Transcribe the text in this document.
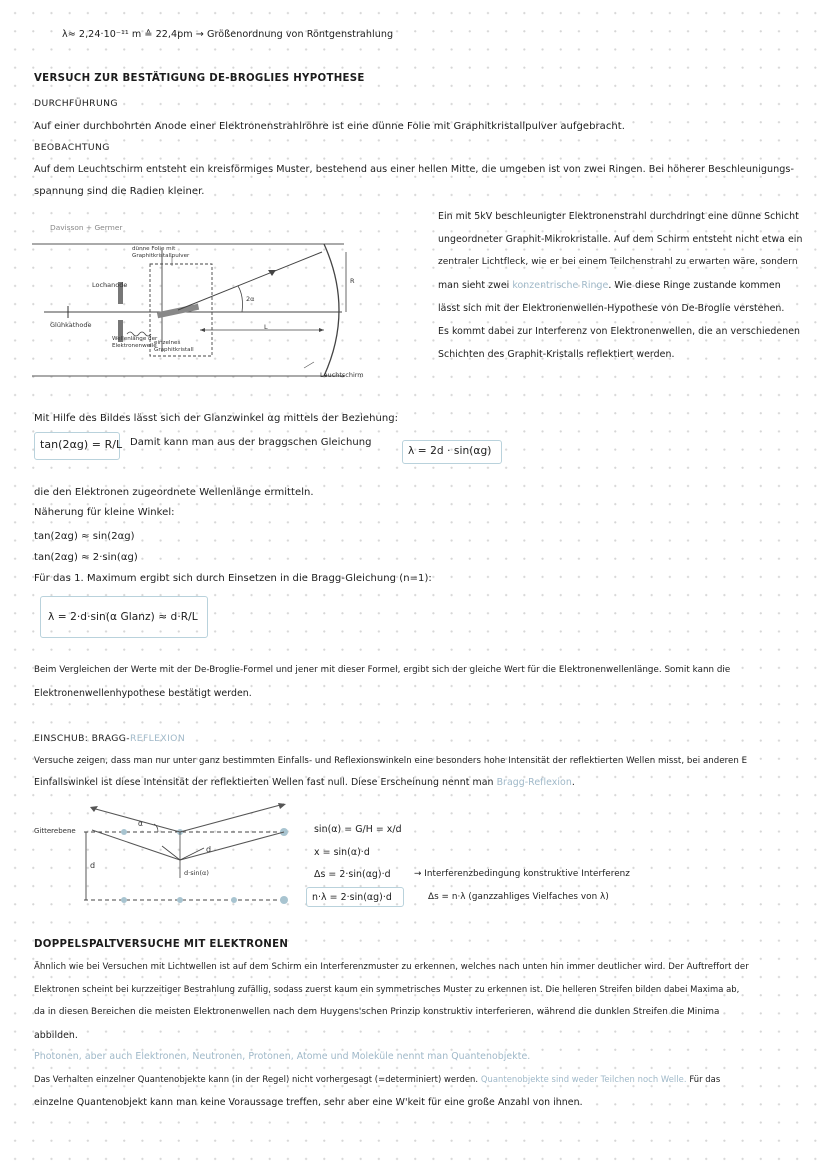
λ≈ 2,24·10⁻¹¹ m ≙ 22,4pm → Größenordnung von Röntgenstrahlung
VERSUCH ZUR BESTÄTIGUNG DE-BROGLIES HYPOTHESE
DURCHFÜHRUNG
Auf einer durchbohrten Anode einer Elektronenstrahlröhre ist eine dünne Folie mit Graphitkristallpulver aufgebracht.
BEOBACHTUNG
Auf dem Leuchtschirm entsteht ein kreisförmiges Muster, bestehend aus einer hellen Mitte, die umgeben ist von zwei Ringen. Bei höherer Beschleunigungs-
spannung sind die Radien kleiner.
Davisson + Germer
dünne Folie mit Graphitkristallpulver
Lochanode
Glühkathode
Wellenlänge der Elektronenwelle
einzelnes Graphitkristall
2α
R
L
Leuchtschirm
Ein mit 5kV beschleunigter Elektronenstrahl durchdringt eine dünne Schicht
ungeordneter Graphit-Mikrokristalle. Auf dem Schirm entsteht nicht etwa ein
zentraler Lichtfleck, wie er bei einem Teilchenstrahl zu erwarten wäre, sondern
man sieht zwei konzentrische Ringe. Wie diese Ringe zustande kommen
lässt sich mit der Elektronenwellen-Hypothese von De-Broglie verstehen.
Es kommt dabei zur Interferenz von Elektronenwellen, die an verschiedenen
Schichten des Graphit-Kristalls reflektiert werden.
Mit Hilfe des Bildes lässt sich der Glanzwinkel αg mittels der Beziehung:
tan(2αg) = R/L Damit kann man aus der braggschen Gleichung
λ = 2d · sin(αg)
die den Elektronen zugeordnete Wellenlänge ermitteln.
Näherung für kleine Winkel:
tan(2αg) ≈ sin(2αg)
tan(2αg) ≈ 2·sin(αg)
Für das 1. Maximum ergibt sich durch Einsetzen in die Bragg-Gleichung (n=1):
λ = 2·d·sin(α Glanz) ≈ d·R/L
Beim Vergleichen der Werte mit der De-Broglie-Formel und jener mit dieser Formel, ergibt sich der gleiche Wert für die Elektronenwellenlänge. Somit kann die
Elektronenwellenhypothese bestätigt werden.
EINSCHUB: BRAGG-REFLEXION
Versuche zeigen, dass man nur unter ganz bestimmten Einfalls- und Reflexionswinkeln eine besonders hohe Intensität der reflektierten Wellen misst, bei anderen E
Einfallswinkel ist diese Intensität der reflektierten Wellen fast null. Diese Erscheinung nennt man Bragg-Reflexion.
Gitterebene
α
d
d
d·sin(α)
sin(α) = G/H = x/d
x = sin(α)·d
Δs = 2·sin(αg)·d
n·λ = 2·sin(αg)·d
→ Interferenzbedingung konstruktive Interferenz
Δs = n·λ (ganzzahliges Vielfaches von λ)
DOPPELSPALTVERSUCHE MIT ELEKTRONEN
Ähnlich wie bei Versuchen mit Lichtwellen ist auf dem Schirm ein Interferenzmuster zu erkennen, welches nach unten hin immer deutlicher wird. Der Auftreffort der
Elektronen scheint bei kurzzeitiger Bestrahlung zufällig, sodass zuerst kaum ein symmetrisches Muster zu erkennen ist. Die helleren Streifen bilden dabei Maxima ab,
da in diesen Bereichen die meisten Elektronenwellen nach dem Huygens'schen Prinzip konstruktiv interferieren, während die dunklen Streifen die Minima
abbilden.
Photonen, aber auch Elektronen, Neutronen, Protonen, Atome und Moleküle nennt man Quantenobjekte.
Das Verhalten einzelner Quantenobjekte kann (in der Regel) nicht vorhergesagt (=determiniert) werden. Quantenobjekte sind weder Teilchen noch Welle. Für das
einzelne Quantenobjekt kann man keine Voraussage treffen, sehr aber eine W'keit für eine große Anzahl von ihnen.
